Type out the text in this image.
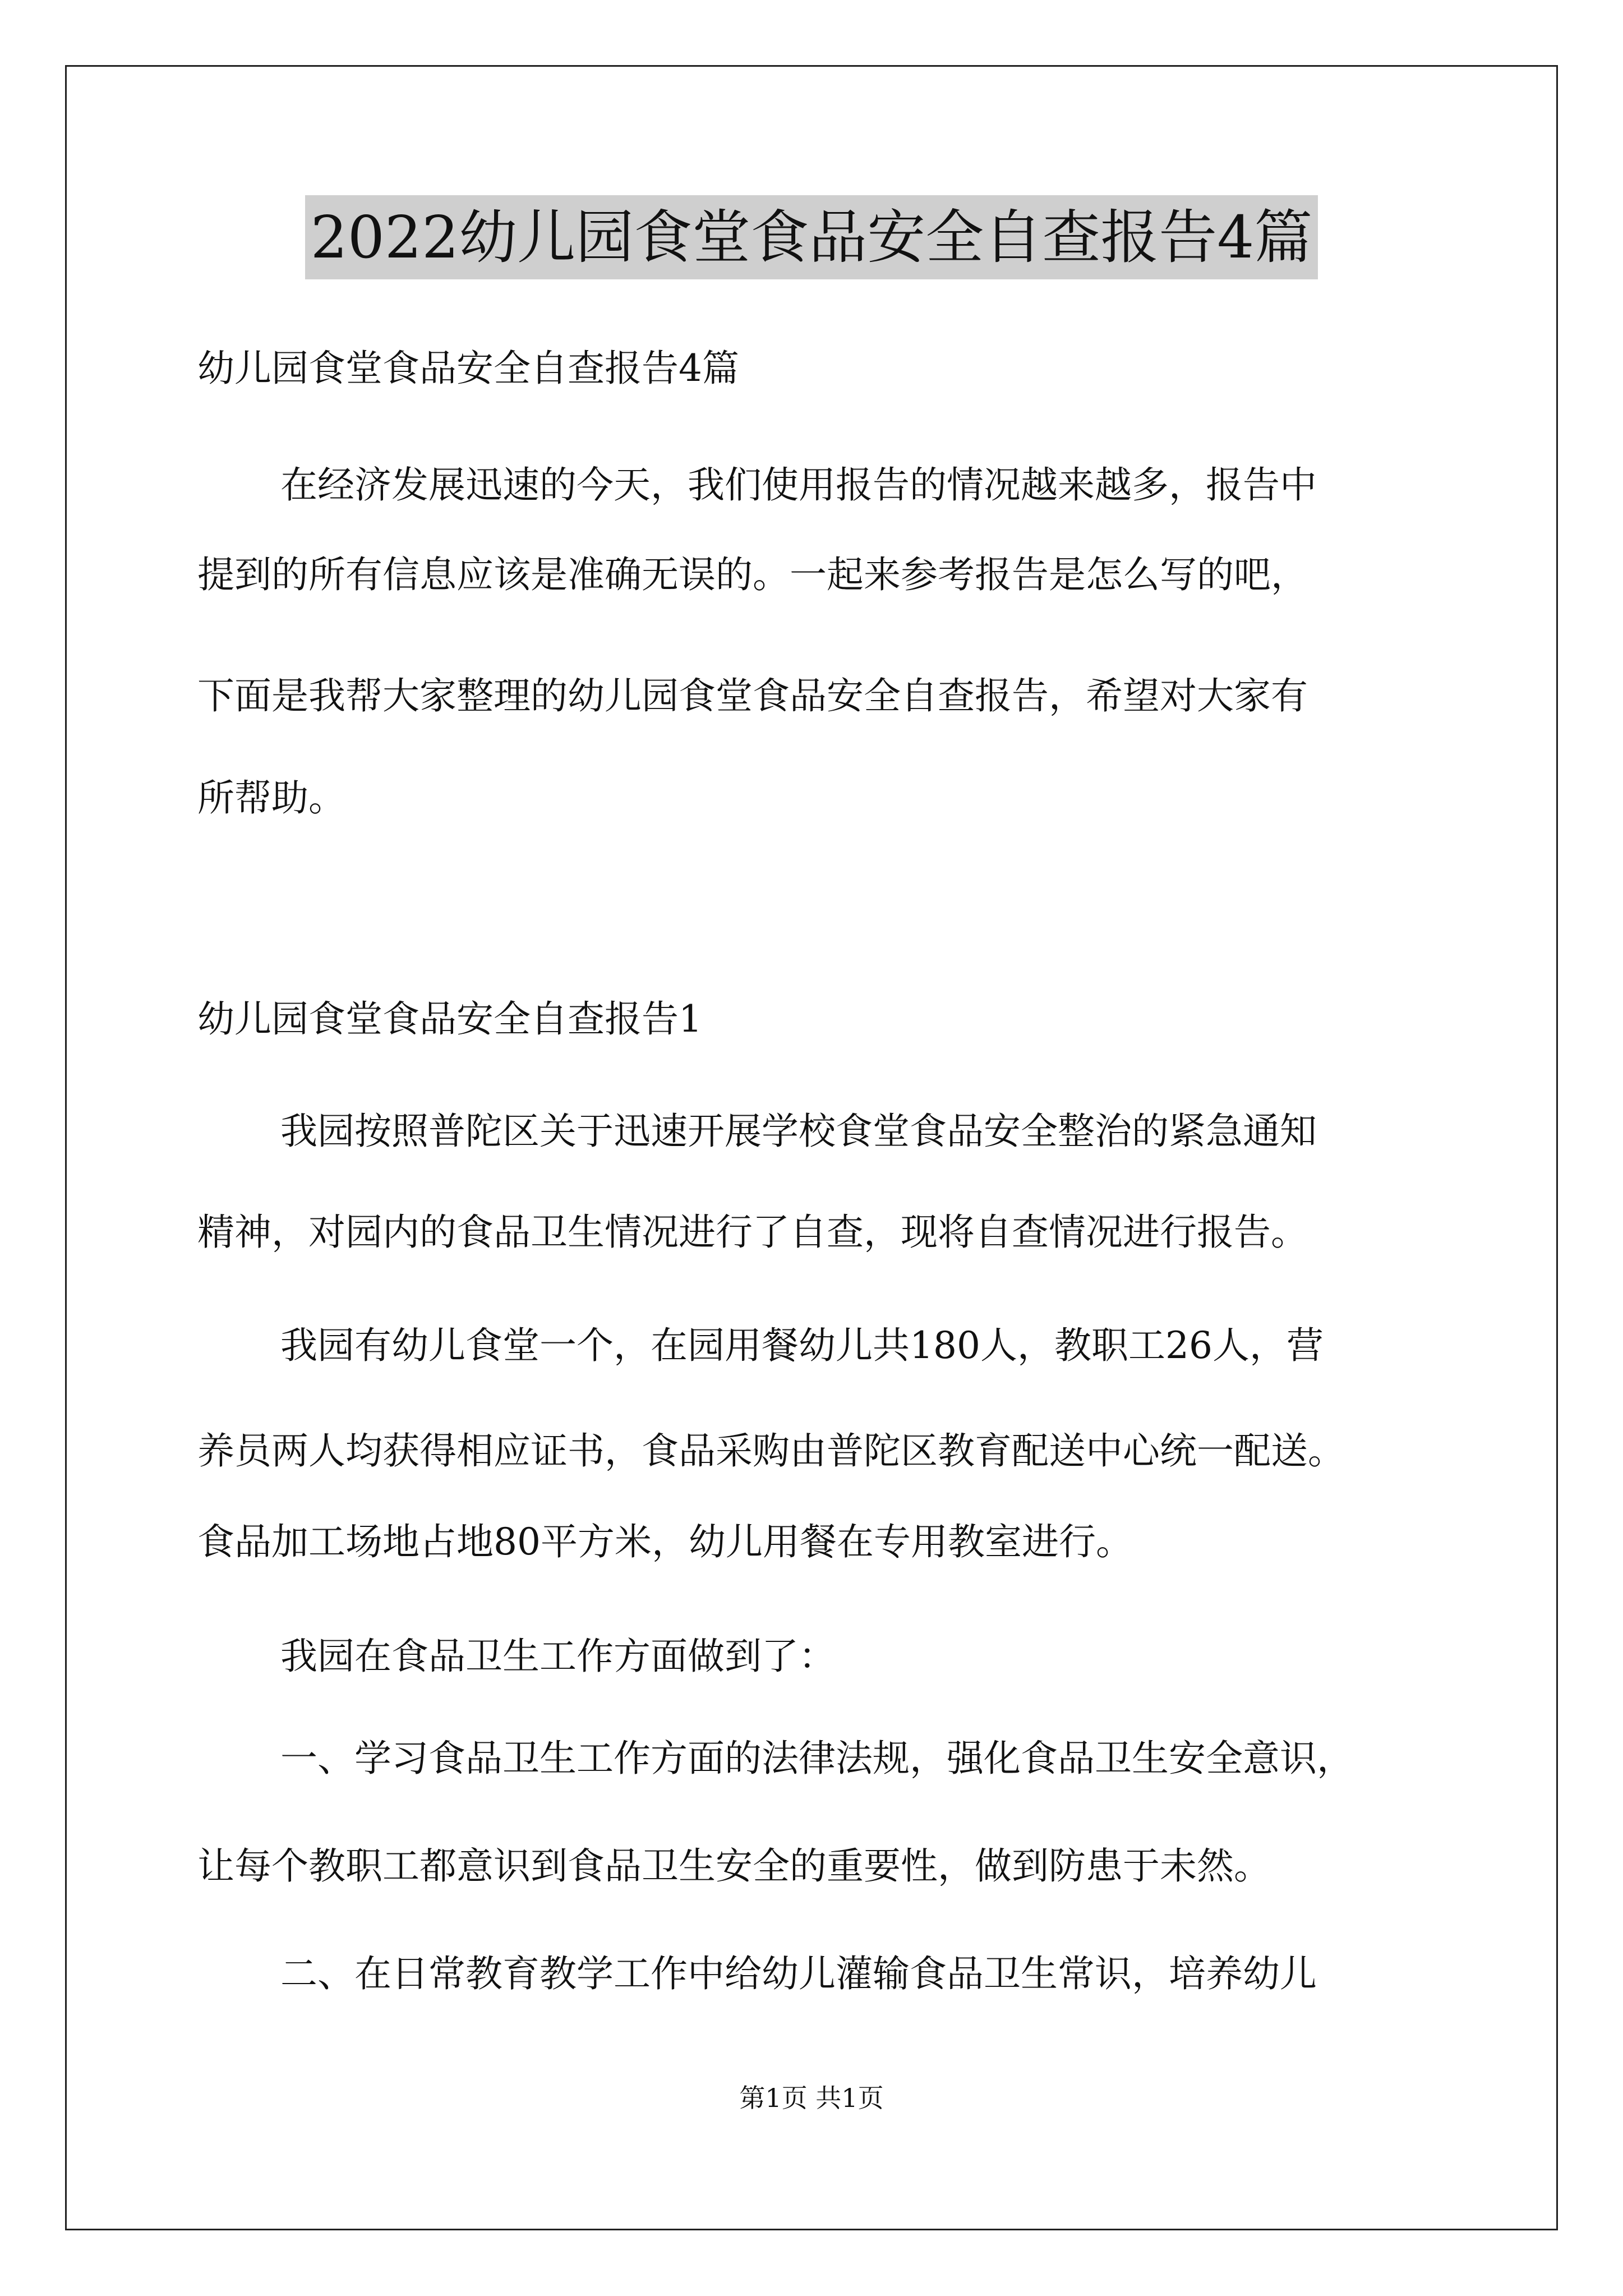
2022幼儿园食堂食品安全自查报告4篇
幼儿园食堂食品安全自查报告4篇
在经济发展迅速的今天，我们使用报告的情况越来越多，报告中
提到的所有信息应该是准确无误的。一起来参考报告是怎么写的吧，
下面是我帮大家整理的幼儿园食堂食品安全自查报告，希望对大家有
所帮助。
幼儿园食堂食品安全自查报告1
我园按照普陀区关于迅速开展学校食堂食品安全整治的紧急通知
精神，对园内的食品卫生情况进行了自查，现将自查情况进行报告。
我园有幼儿食堂一个，在园用餐幼儿共180人，教职工26人，营
养员两人均获得相应证书，食品采购由普陀区教育配送中心统一配送。
食品加工场地占地80平方米，幼儿用餐在专用教室进行。
我园在食品卫生工作方面做到了：
一、学习食品卫生工作方面的法律法规，强化食品卫生安全意识，
让每个教职工都意识到食品卫生安全的重要性，做到防患于未然。
二、在日常教育教学工作中给幼儿灌输食品卫生常识，培养幼儿
第1页 共1页
